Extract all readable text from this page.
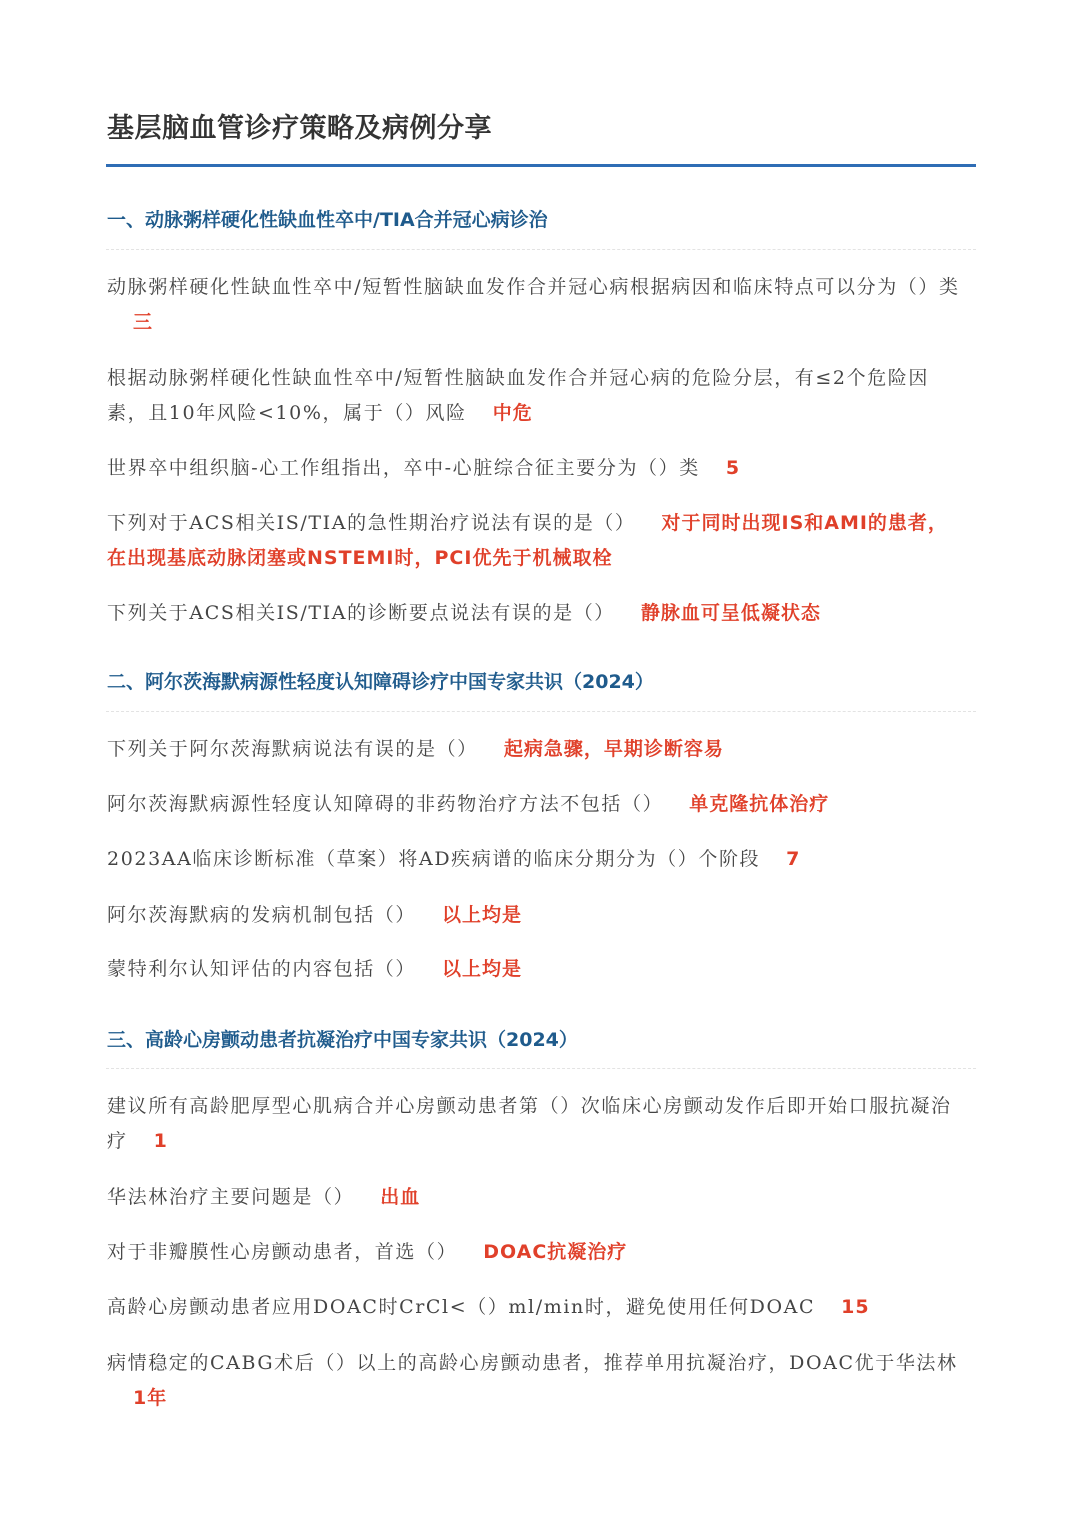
基层脑血管诊疗策略及病例分享
一、动脉粥样硬化性缺血性卒中/TIA合并冠心病诊治
动脉粥样硬化性缺血性卒中/短暂性脑缺血发作合并冠心病根据病因和临床特点可以分为（）类三
根据动脉粥样硬化性缺血性卒中/短暂性脑缺血发作合并冠心病的危险分层，有≤2个危险因素，且10年风险<10%，属于（）风险 中危
世界卒中组织脑-心工作组指出，卒中-心脏综合征主要分为（）类 5
下列对于ACS相关IS/TIA的急性期治疗说法有误的是（） 对于同时出现IS和AMI的患者，在出现基底动脉闭塞或NSTEMI时，PCI优先于机械取栓
下列关于ACS相关IS/TIA的诊断要点说法有误的是（） 静脉血可呈低凝状态
二、阿尔茨海默病源性轻度认知障碍诊疗中国专家共识（2024）
下列关于阿尔茨海默病说法有误的是（） 起病急骤，早期诊断容易
阿尔茨海默病源性轻度认知障碍的非药物治疗方法不包括（） 单克隆抗体治疗
2023AA临床诊断标准（草案）将AD疾病谱的临床分期分为（）个阶段 7
阿尔茨海默病的发病机制包括（） 以上均是
蒙特利尔认知评估的内容包括（） 以上均是
三、高龄心房颤动患者抗凝治疗中国专家共识（2024）
建议所有高龄肥厚型心肌病合并心房颤动患者第（）次临床心房颤动发作后即开始口服抗凝治疗 1
华法林治疗主要问题是（） 出血
对于非瓣膜性心房颤动患者，首选（） DOAC抗凝治疗
高龄心房颤动患者应用DOAC时CrCl<（）ml/min时，避免使用任何DOAC 15
病情稳定的CABG术后（）以上的高龄心房颤动患者，推荐单用抗凝治疗，DOAC优于华法林1年
